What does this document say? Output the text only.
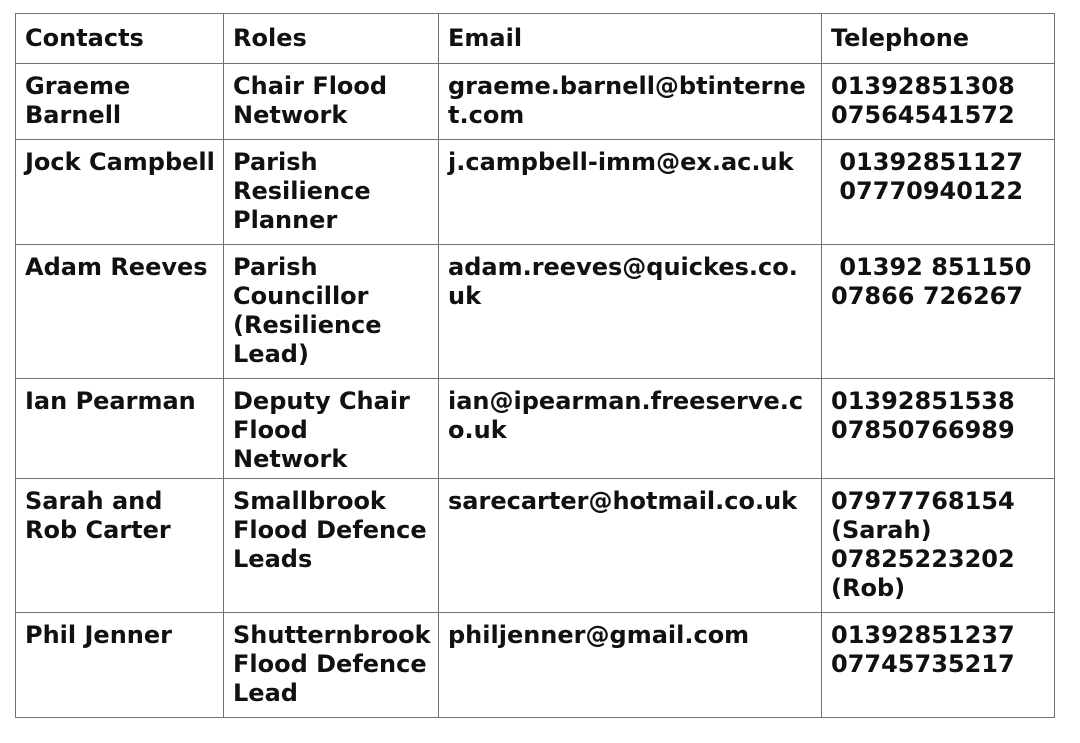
Contacts	Roles	Email	Telephone
Graeme Barnell	Chair Flood Network	graeme.barnell@btinternet.com	01392851308
07564541572

Jock Campbell	Parish Resilience Planner	j.campbell-imm@ex.ac.uk	01392851127
07770940122

Adam Reeves	Parish Councillor (Resilience Lead)	adam.reeves@quickes.co.uk	01392 851150
07866 726267

Ian Pearman	Deputy Chair Flood Network	ian@ipearman.freeserve.co.uk	01392851538
07850766989

Sarah and Rob Carter	Smallbrook Flood Defence Leads	sarecarter@hotmail.co.uk	07977768154
(Sarah)
07825223202
(Rob)

Phil Jenner	Shutternbrook Flood Defence Lead	philjenner@gmail.com	01392851237
07745735217
